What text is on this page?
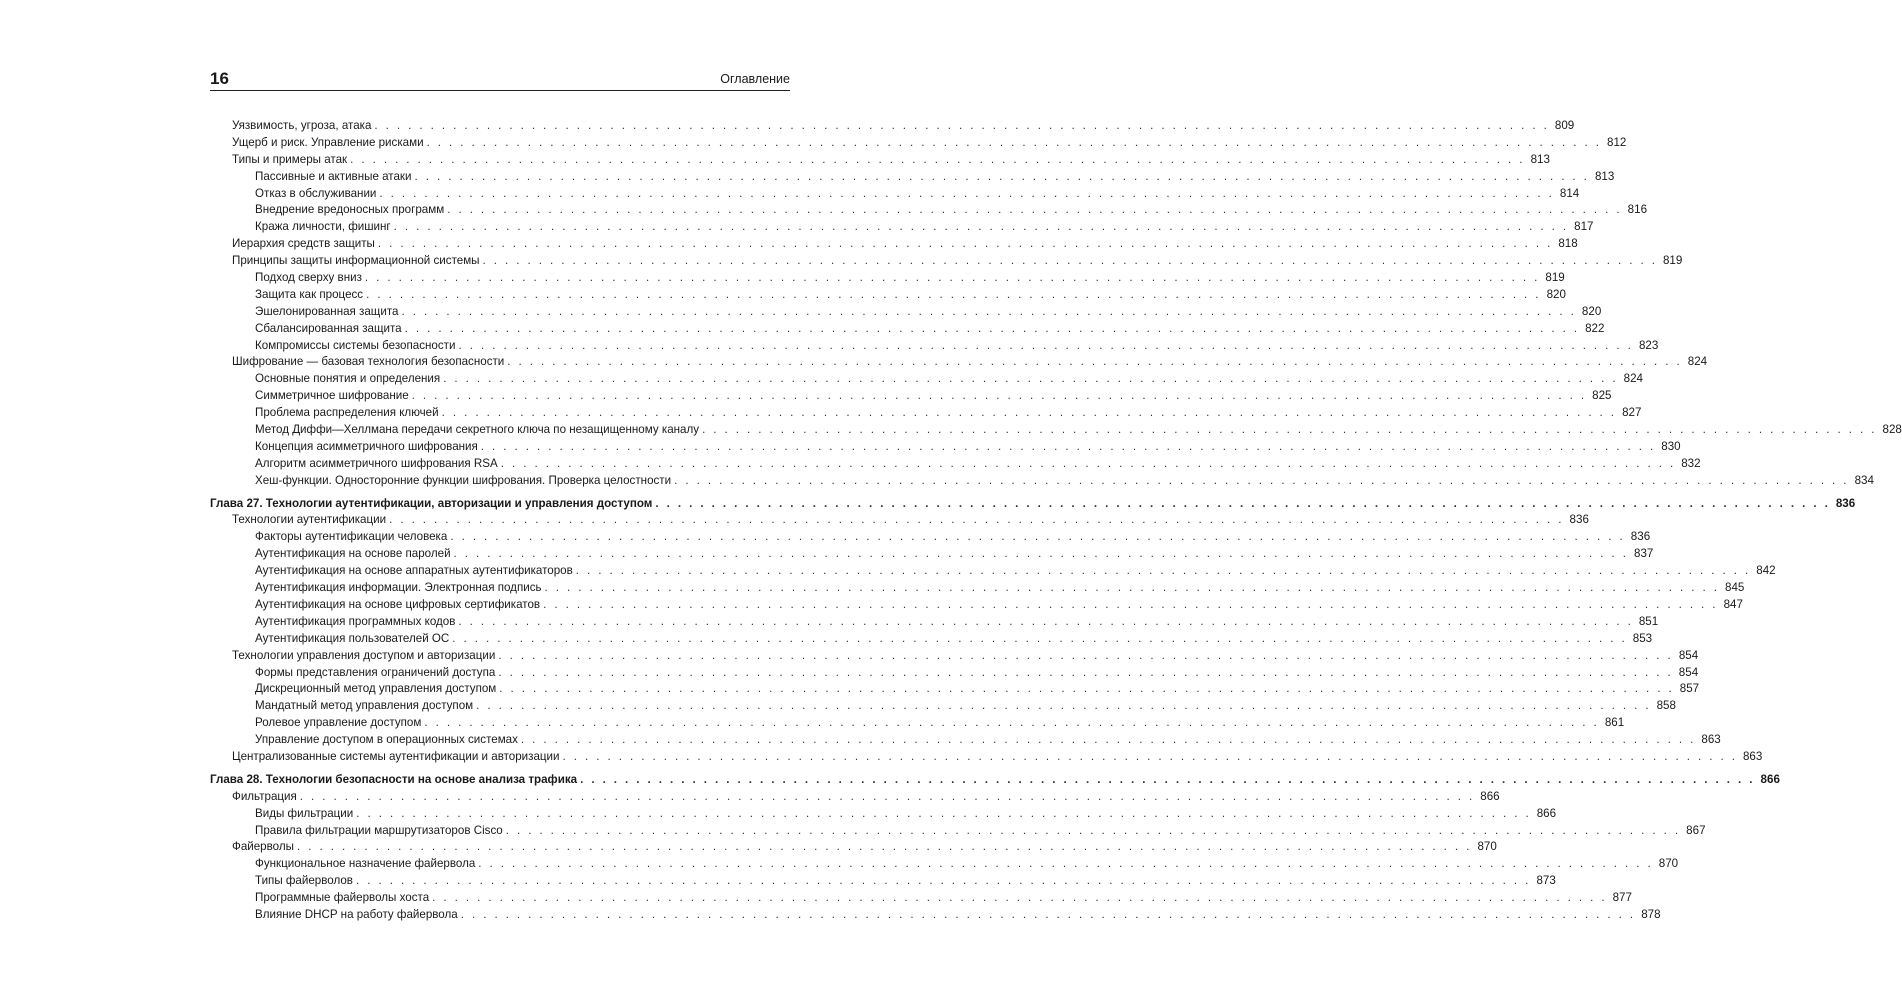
16	Оглавление
Уязвимость, угроза, атака . . .	809
Ущерб и риск. Управление рисками . . .	812
Типы и примеры атак . . .	813
Пассивные и активные атаки . . .	813
Отказ в обслуживании . . .	814
Внедрение вредоносных программ . . .	816
Кража личности, фишинг . . .	817
Иерархия средств защиты . . .	818
Принципы защиты информационной системы . . .	819
Подход сверху вниз . . .	819
Защита как процесс . . .	820
Эшелонированная защита . . .	820
Сбалансированная защита . . .	822
Компромиссы системы безопасности . . .	823
Шифрование — базовая технология безопасности . . .	824
Основные понятия и определения . . .	824
Симметричное шифрование . . .	825
Проблема распределения ключей . . .	827
Метод Диффи—Хеллмана передачи секретного ключа по незащищенному каналу . . .	828
Концепция асимметричного шифрования . . .	830
Алгоритм асимметричного шифрования RSA . . .	832
Хеш-функции. Односторонние функции шифрования. Проверка целостности . . .	834
Глава 27. Технологии аутентификации, авторизации и управления доступом . . .	836
Технологии аутентификации . . .	836
Факторы аутентификации человека . . .	836
Аутентификация на основе паролей . . .	837
Аутентификация на основе аппаратных аутентификаторов . . .	842
Аутентификация информации. Электронная подпись . . .	845
Аутентификация на основе цифровых сертификатов . . .	847
Аутентификация программных кодов . . .	851
Аутентификация пользователей ОС . . .	853
Технологии управления доступом и авторизации . . .	854
Формы представления ограничений доступа . . .	854
Дискреционный метод управления доступом . . .	857
Мандатный метод управления доступом . . .	858
Ролевое управление доступом . . .	861
Управление доступом в операционных системах . . .	863
Централизованные системы аутентификации и авторизации . . .	863
Глава 28. Технологии безопасности на основе анализа трафика . . .	866
Фильтрация . . .	866
Виды фильтрации . . .	866
Правила фильтрации маршрутизаторов Cisco . . .	867
Файерволы . . .	870
Функциональное назначение файервола . . .	870
Типы файерволов . . .	873
Программные файерволы хоста . . .	877
Влияние DHCP на работу файервола . . .	878
